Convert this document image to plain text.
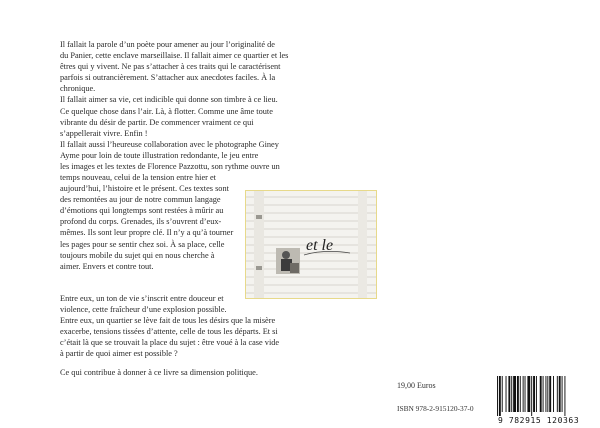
Il fallait la parole d’un poète pour amener au jour l’originalité de
du Panier, cette enclave marseillaise. Il fallait aimer ce quartier et les
êtres qui y vivent. Ne pas s’attacher à ces traits qui le caractérisent
parfois si outrancièrement. S’attacher aux anecdotes faciles. À la
chronique.
Il fallait aimer sa vie, cet indicible qui donne son timbre à ce lieu.
Ce quelque chose dans l’air. Là, à flotter. Comme une âme toute
vibrante du désir de partir. De commencer vraiment ce qui
s’appellerait vivre. Enfin !
Il fallait aussi l’heureuse collaboration avec le photographe Giney
Ayme pour loin de toute illustration redondante, le jeu entre
les images et les textes de Florence Pazzottu, son rythme ouvre un
temps nouveau, celui de la tension entre hier et
aujourd’hui, l’histoire et le présent. Ces textes sont
des remontées au jour de notre commun langage
d’émotions qui longtemps sont restées à mûrir au
profond du corps. Grenades, ils s’ouvrent d’eux-
mêmes. Ils sont leur propre clé. Il n’y a qu’à tourner
les pages pour se sentir chez soi. À sa place, celle
toujours mobile du sujet qui en nous cherche à
aimer. Envers et contre tout.
Entre eux, un ton de vie s’inscrit entre douceur et
violence, cette fraîcheur d’une explosion possible.
Entre eux, un quartier se lève fait de tous les désirs que la misère
exacerbe, tensions tissées d’attente, celle de tous les départs. Et si
c’était là que se trouvait la place du sujet : être voué à la case vide
à partir de quoi aimer est possible ?
Ce qui contribue à donner à ce livre sa dimension politique.
et le
19,00 Euros
ISBN 978-2-915120-37-0
9 782915 120363
